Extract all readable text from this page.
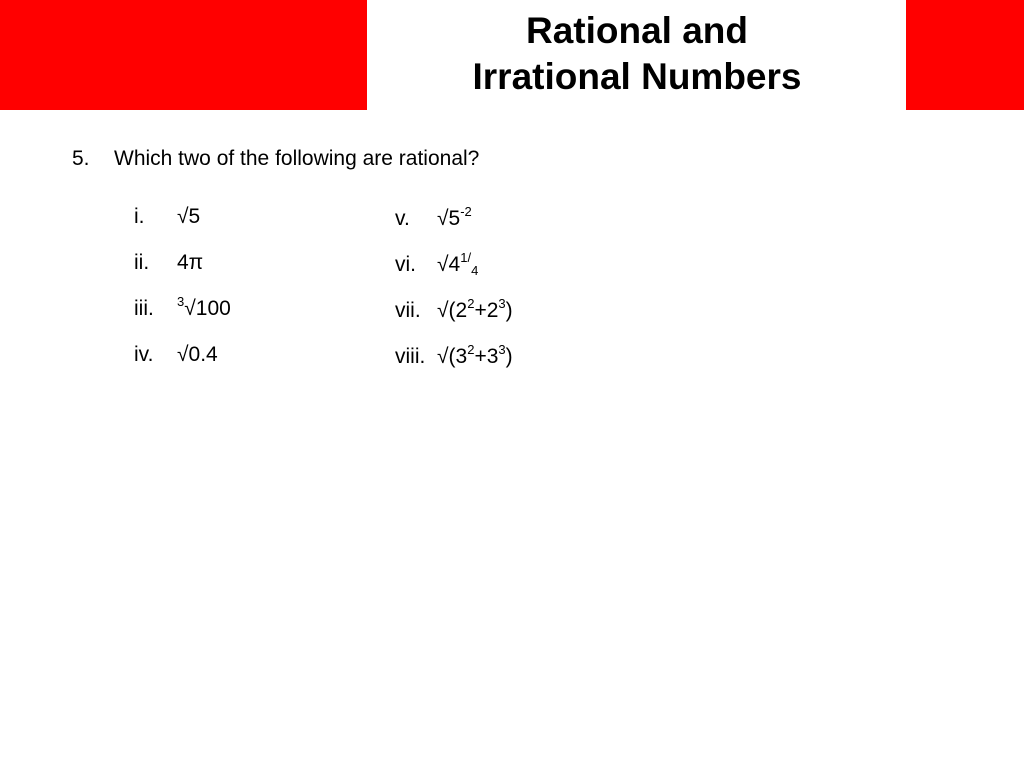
Rational and
Irrational Numbers
5. Which two of the following are rational?
i. √5
ii. 4π
iii. $^3$√100
iv. √0.4
v. $√5^{-2}$
vi. $√4^{1/}_4$
vii. $√(2^2+2^3)$
viii. $√(3^2+3^3)$
